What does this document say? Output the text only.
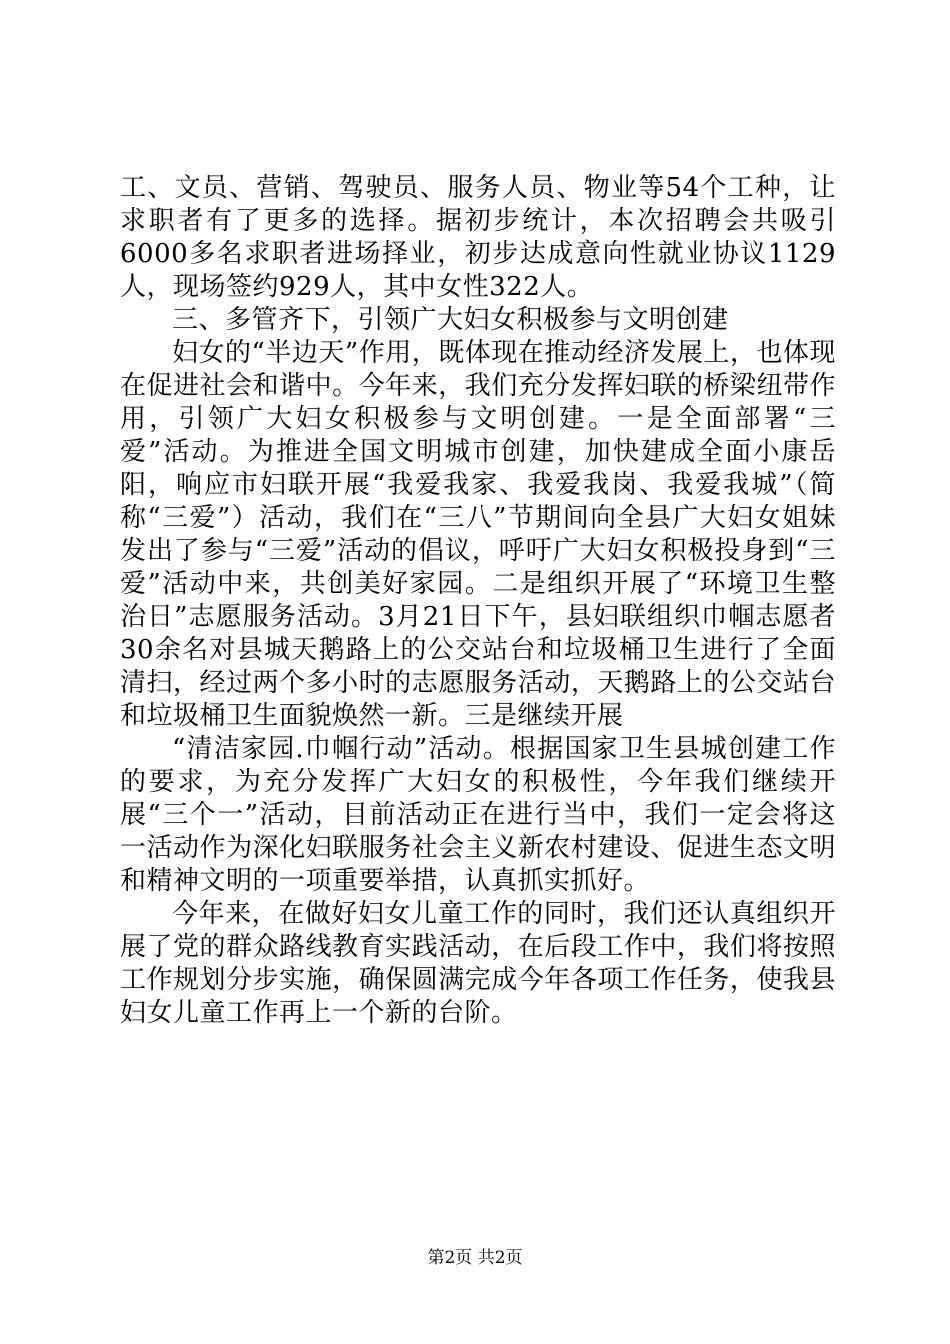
工、文员、营销、驾驶员、服务人员、物业等54个工种，让求职者有了更多的选择。据初步统计，本次招聘会共吸引6000多名求职者进场择业，初步达成意向性就业协议1129人，现场签约929人，其中女性322人。

三、多管齐下，引领广大妇女积极参与文明创建

妇女的“半边天”作用，既体现在推动经济发展上，也体现在促进社会和谐中。今年来，我们充分发挥妇联的桥梁纽带作用，引领广大妇女积极参与文明创建。一是全面部署“三爱”活动。为推进全国文明城市创建，加快建成全面小康岳阳，响应市妇联开展“我爱我家、我爱我岗、我爱我城”（简称“三爱”）活动，我们在“三八”节期间向全县广大妇女姐妹发出了参与“三爱”活动的倡议，呼吁广大妇女积极投身到“三爱”活动中来，共创美好家园。二是组织开展了“环境卫生整治日”志愿服务活动。3月21日下午，县妇联组织巾帼志愿者30余名对县城天鹅路上的公交站台和垃圾桶卫生进行了全面清扫，经过两个多小时的志愿服务活动，天鹅路上的公交站台和垃圾桶卫生面貌焕然一新。三是继续开展

“清洁家园.巾帼行动”活动。根据国家卫生县城创建工作的要求，为充分发挥广大妇女的积极性，今年我们继续开展“三个一”活动，目前活动正在进行当中，我们一定会将这一活动作为深化妇联服务社会主义新农村建设、促进生态文明和精神文明的一项重要举措，认真抓实抓好。

今年来，在做好妇女儿童工作的同时，我们还认真组织开展了党的群众路线教育实践活动，在后段工作中，我们将按照工作规划分步实施，确保圆满完成今年各项工作任务，使我县妇女儿童工作再上一个新的台阶。

第2页 共2页
